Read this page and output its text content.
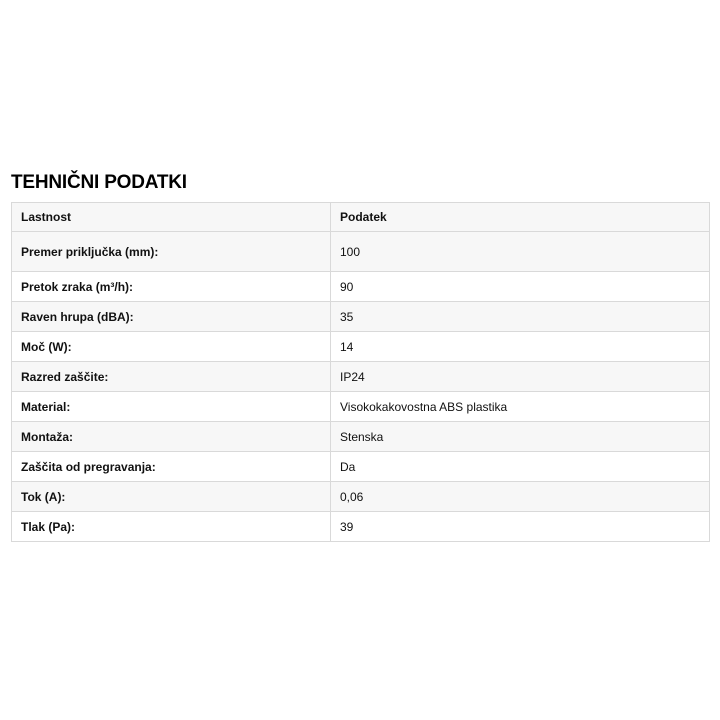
TEHNIČNI PODATKI
Lastnost	Podatek
Premer priključka (mm):	100
Pretok zraka (m³/h):	90
Raven hrupa (dBA):	35
Moč (W):	14
Razred zaščite:	IP24
Material:	Visokokakovostna ABS plastika
Montaža:	Stenska
Zaščita od pregravanja:	Da
Tok (A):	0,06
Tlak (Pa):	39
